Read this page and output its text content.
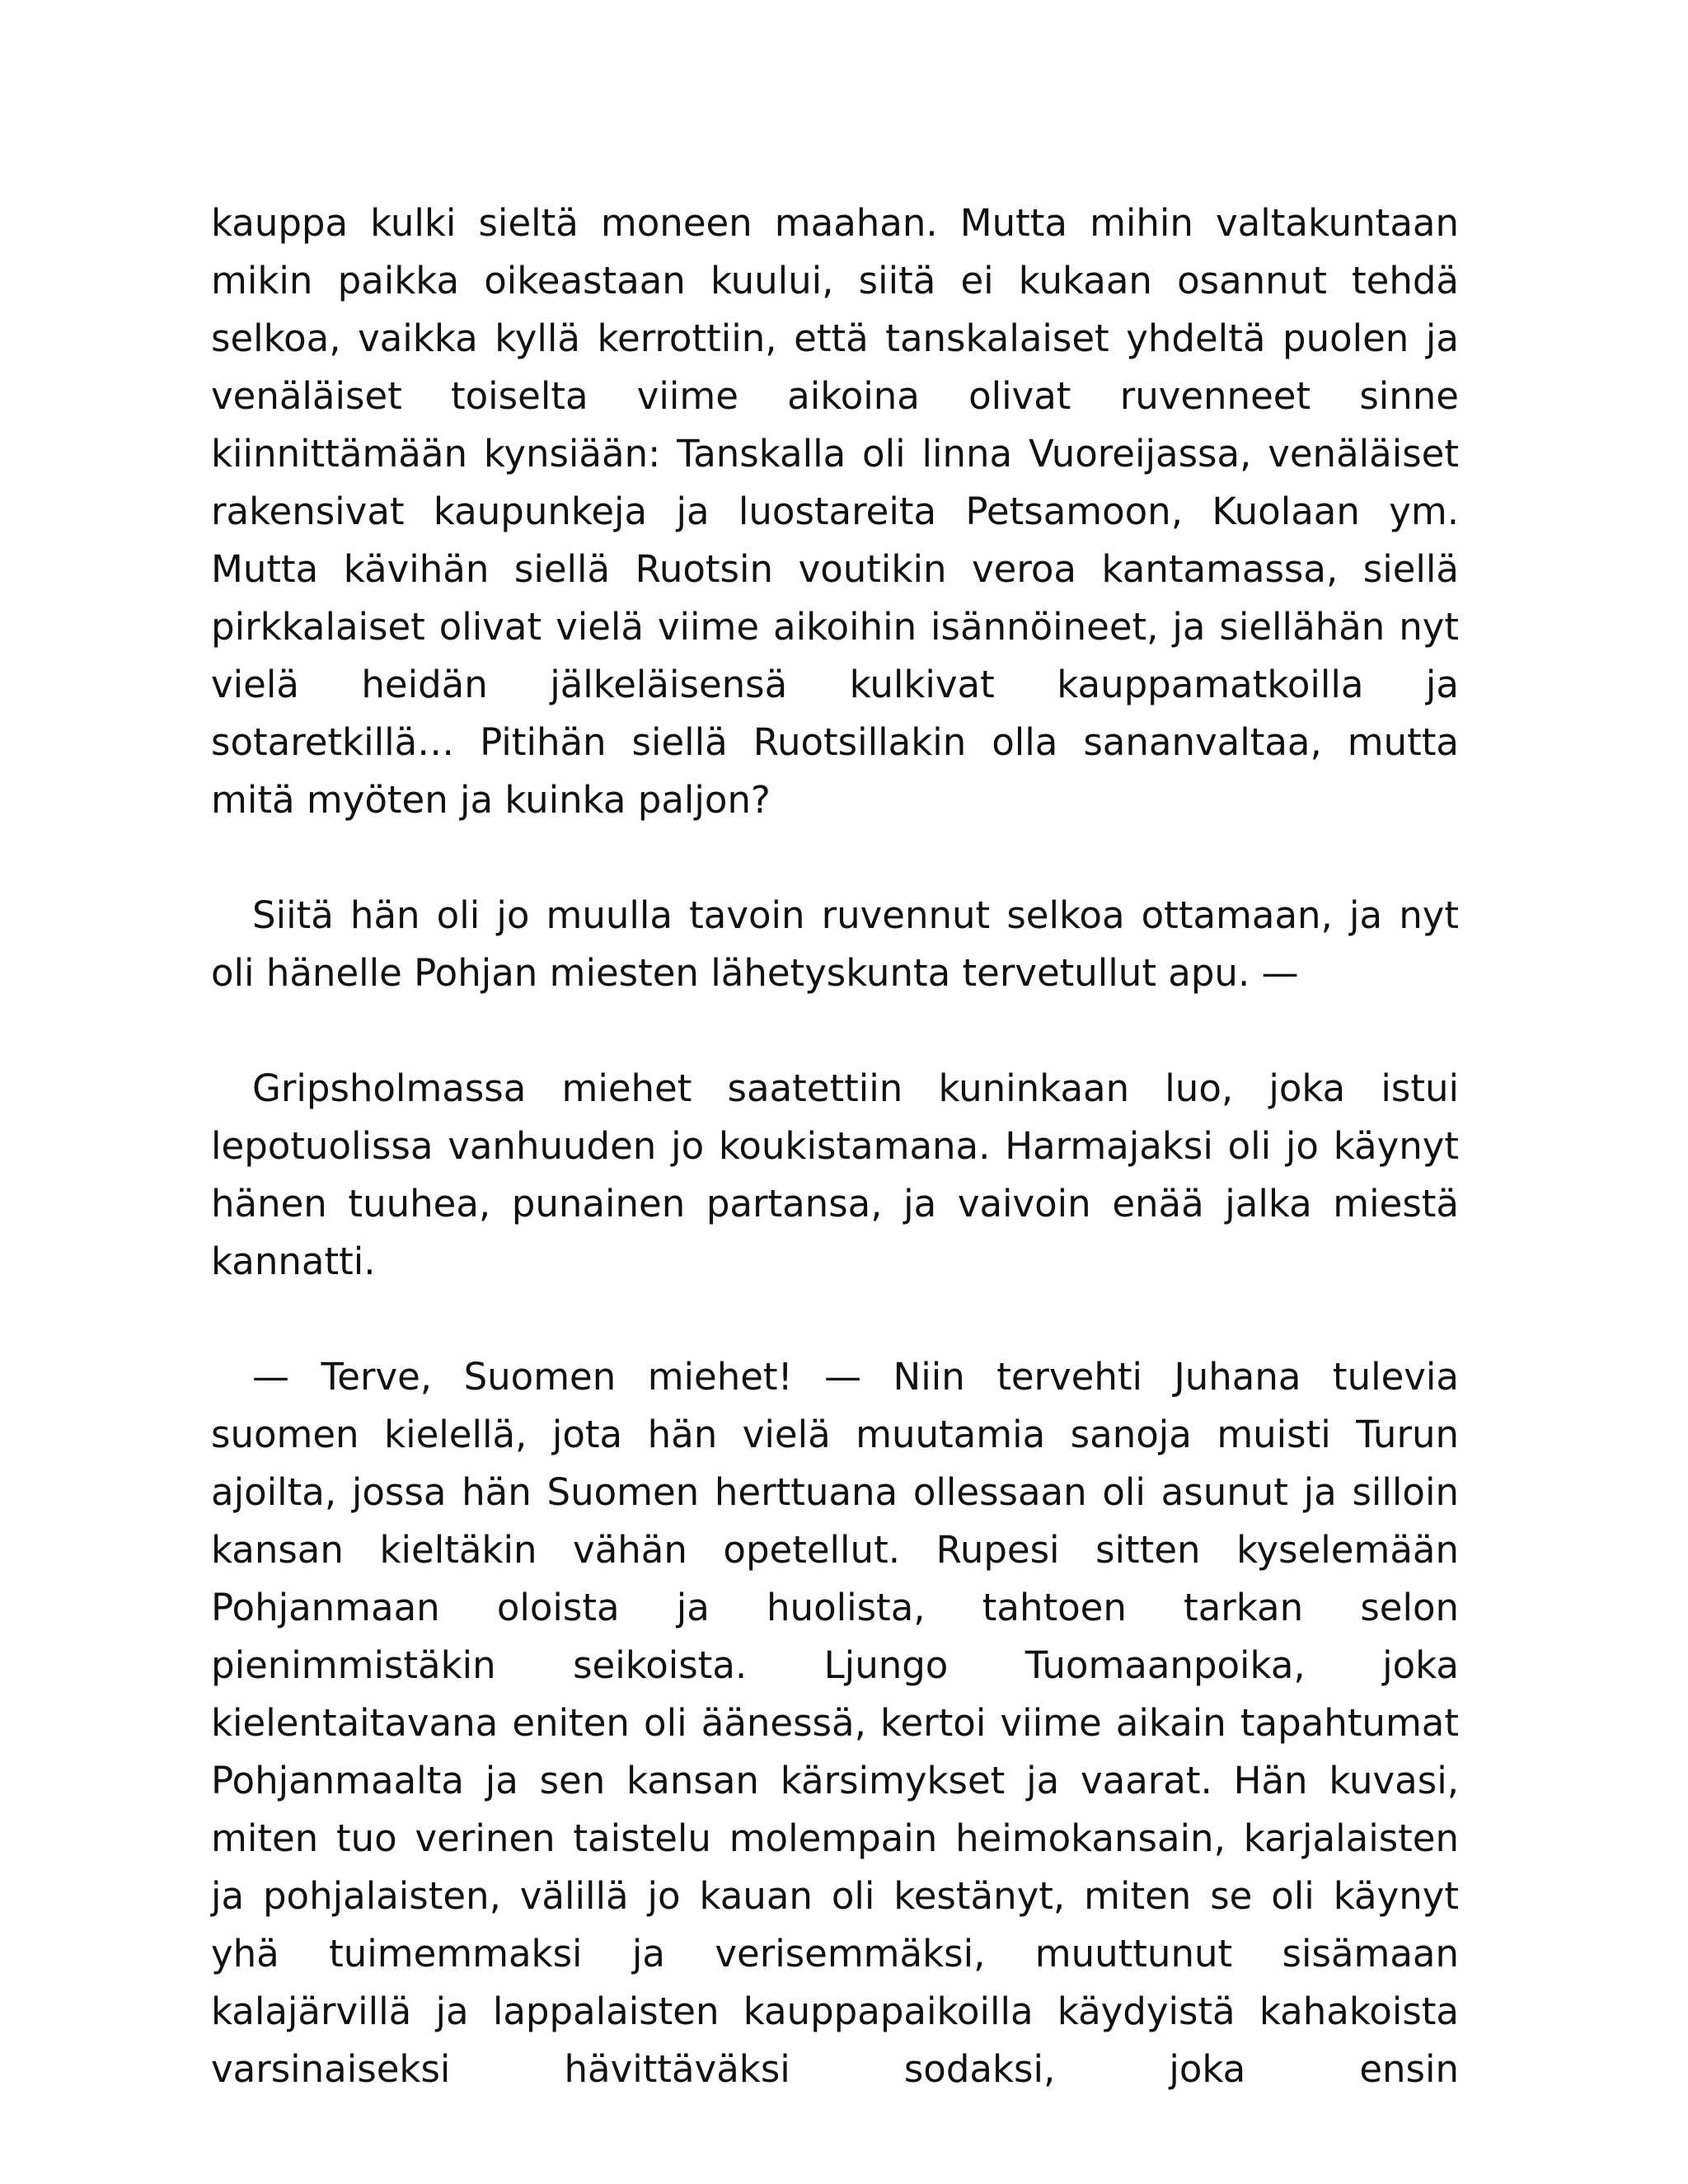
kauppa kulki sieltä moneen maahan. Mutta mihin valtakuntaan mikin paikka oikeastaan kuului, siitä ei kukaan osannut tehdä selkoa, vaikka kyllä kerrottiin, että tanskalaiset yhdeltä puolen ja venäläiset toiselta viime aikoina olivat ruvenneet sinne kiinnittämään kynsiään: Tanskalla oli linna Vuoreijassa, venäläiset rakensivat kaupunkeja ja luostareita Petsamoon, Kuolaan ym. Mutta kävihän siellä Ruotsin voutikin veroa kantamassa, siellä pirkkalaiset olivat vielä viime aikoihin isännöineet, ja siellähän nyt vielä heidän jälkeläisensä kulkivat kauppamatkoilla ja sotaretkillä… Pitihän siellä Ruotsillakin olla sananvaltaa, mutta mitä myöten ja kuinka paljon?

Siitä hän oli jo muulla tavoin ruvennut selkoa ottamaan, ja nyt oli hänelle Pohjan miesten lähetyskunta tervetullut apu. —

Gripsholmassa miehet saatettiin kuninkaan luo, joka istui lepotuolissa vanhuuden jo koukistamana. Harmajaksi oli jo käynyt hänen tuuhea, punainen partansa, ja vaivoin enää jalka miestä kannatti.

— Terve, Suomen miehet! — Niin tervehti Juhana tulevia suomen kielellä, jota hän vielä muutamia sanoja muisti Turun ajoilta, jossa hän Suomen herttuana ollessaan oli asunut ja silloin kansan kieltäkin vähän opetellut. Rupesi sitten kyselemään Pohjanmaan oloista ja huolista, tahtoen tarkan selon pienimmistäkin seikoista. Ljungo Tuomaanpoika, joka kielentaitavana eniten oli äänessä, kertoi viime aikain tapahtumat Pohjanmaalta ja sen kansan kärsimykset ja vaarat. Hän kuvasi, miten tuo verinen taistelu molempain heimokansain, karjalaisten ja pohjalaisten, välillä jo kauan oli kestänyt, miten se oli käynyt yhä tuimemmaksi ja verisemmäksi, muuttunut sisämaan kalajärvillä ja lappalaisten kauppapaikoilla käydyistä kahakoista varsinaiseksi hävittäväksi sodaksi, joka ensin
